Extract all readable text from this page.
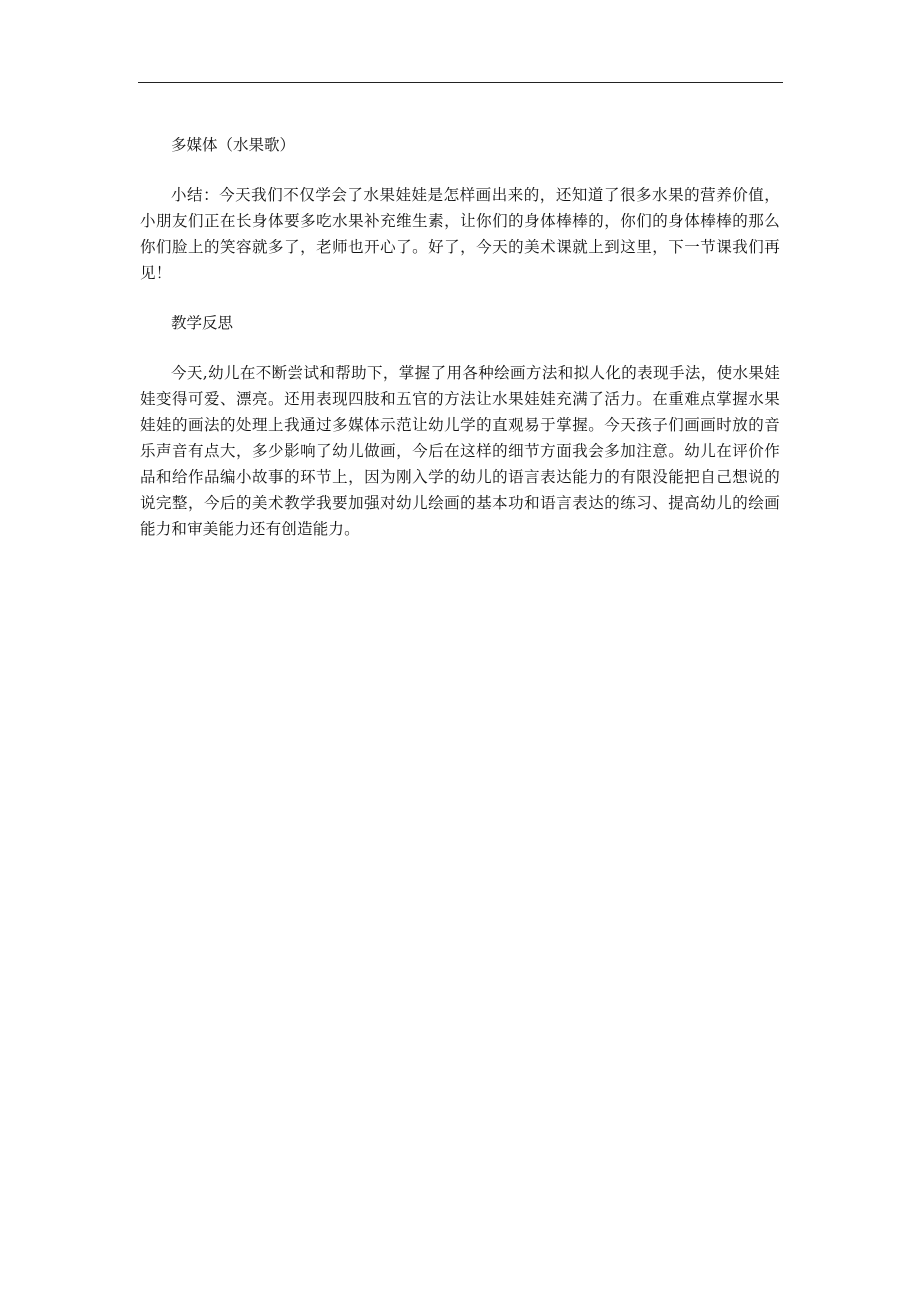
多媒体（水果歌）

小结：今天我们不仅学会了水果娃娃是怎样画出来的，还知道了很多水果的营养价值，小朋友们正在长身体要多吃水果补充维生素，让你们的身体棒棒的，你们的身体棒棒的那么你们脸上的笑容就多了，老师也开心了。好了，今天的美术课就上到这里，下一节课我们再见！

教学反思

今天,幼儿在不断尝试和帮助下，掌握了用各种绘画方法和拟人化的表现手法，使水果娃娃变得可爱、漂亮。还用表现四肢和五官的方法让水果娃娃充满了活力。在重难点掌握水果娃娃的画法的处理上我通过多媒体示范让幼儿学的直观易于掌握。今天孩子们画画时放的音乐声音有点大，多少影响了幼儿做画，今后在这样的细节方面我会多加注意。幼儿在评价作品和给作品编小故事的环节上，因为刚入学的幼儿的语言表达能力的有限没能把自己想说的说完整，今后的美术教学我要加强对幼儿绘画的基本功和语言表达的练习、提高幼儿的绘画能力和审美能力还有创造能力。
